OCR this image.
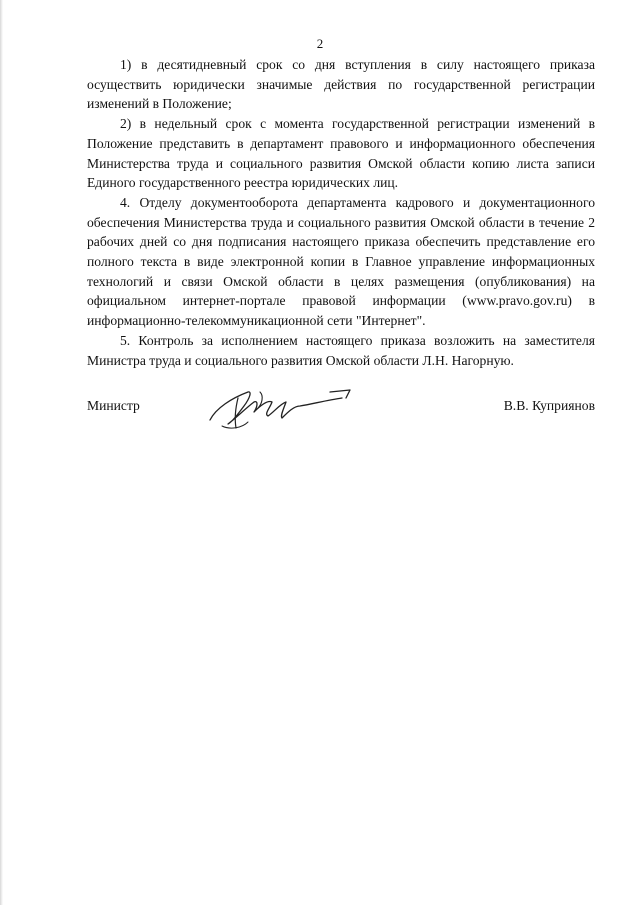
2

1) в десятидневный срок со дня вступления в силу настоящего приказа осуществить юридически значимые действия по государственной регистрации изменений в Положение;

2) в недельный срок с момента государственной регистрации изменений в Положение представить в департамент правового и информационного обеспечения Министерства труда и социального развития Омской области копию листа записи Единого государственного реестра юридических лиц.

4. Отделу документооборота департамента кадрового и документационного обеспечения Министерства труда и социального развития Омской области в течение 2 рабочих дней со дня подписания настоящего приказа обеспечить представление его полного текста в виде электронной копии в Главное управление информационных технологий и связи Омской области в целях размещения (опубликования) на официальном интернет-портале правовой информации (www.pravo.gov.ru) в информационно-телекоммуникационной сети "Интернет".

5. Контроль за исполнением настоящего приказа возложить на заместителя Министра труда и социального развития Омской области Л.Н. Нагорную.

Министр	В.В. Куприянов
